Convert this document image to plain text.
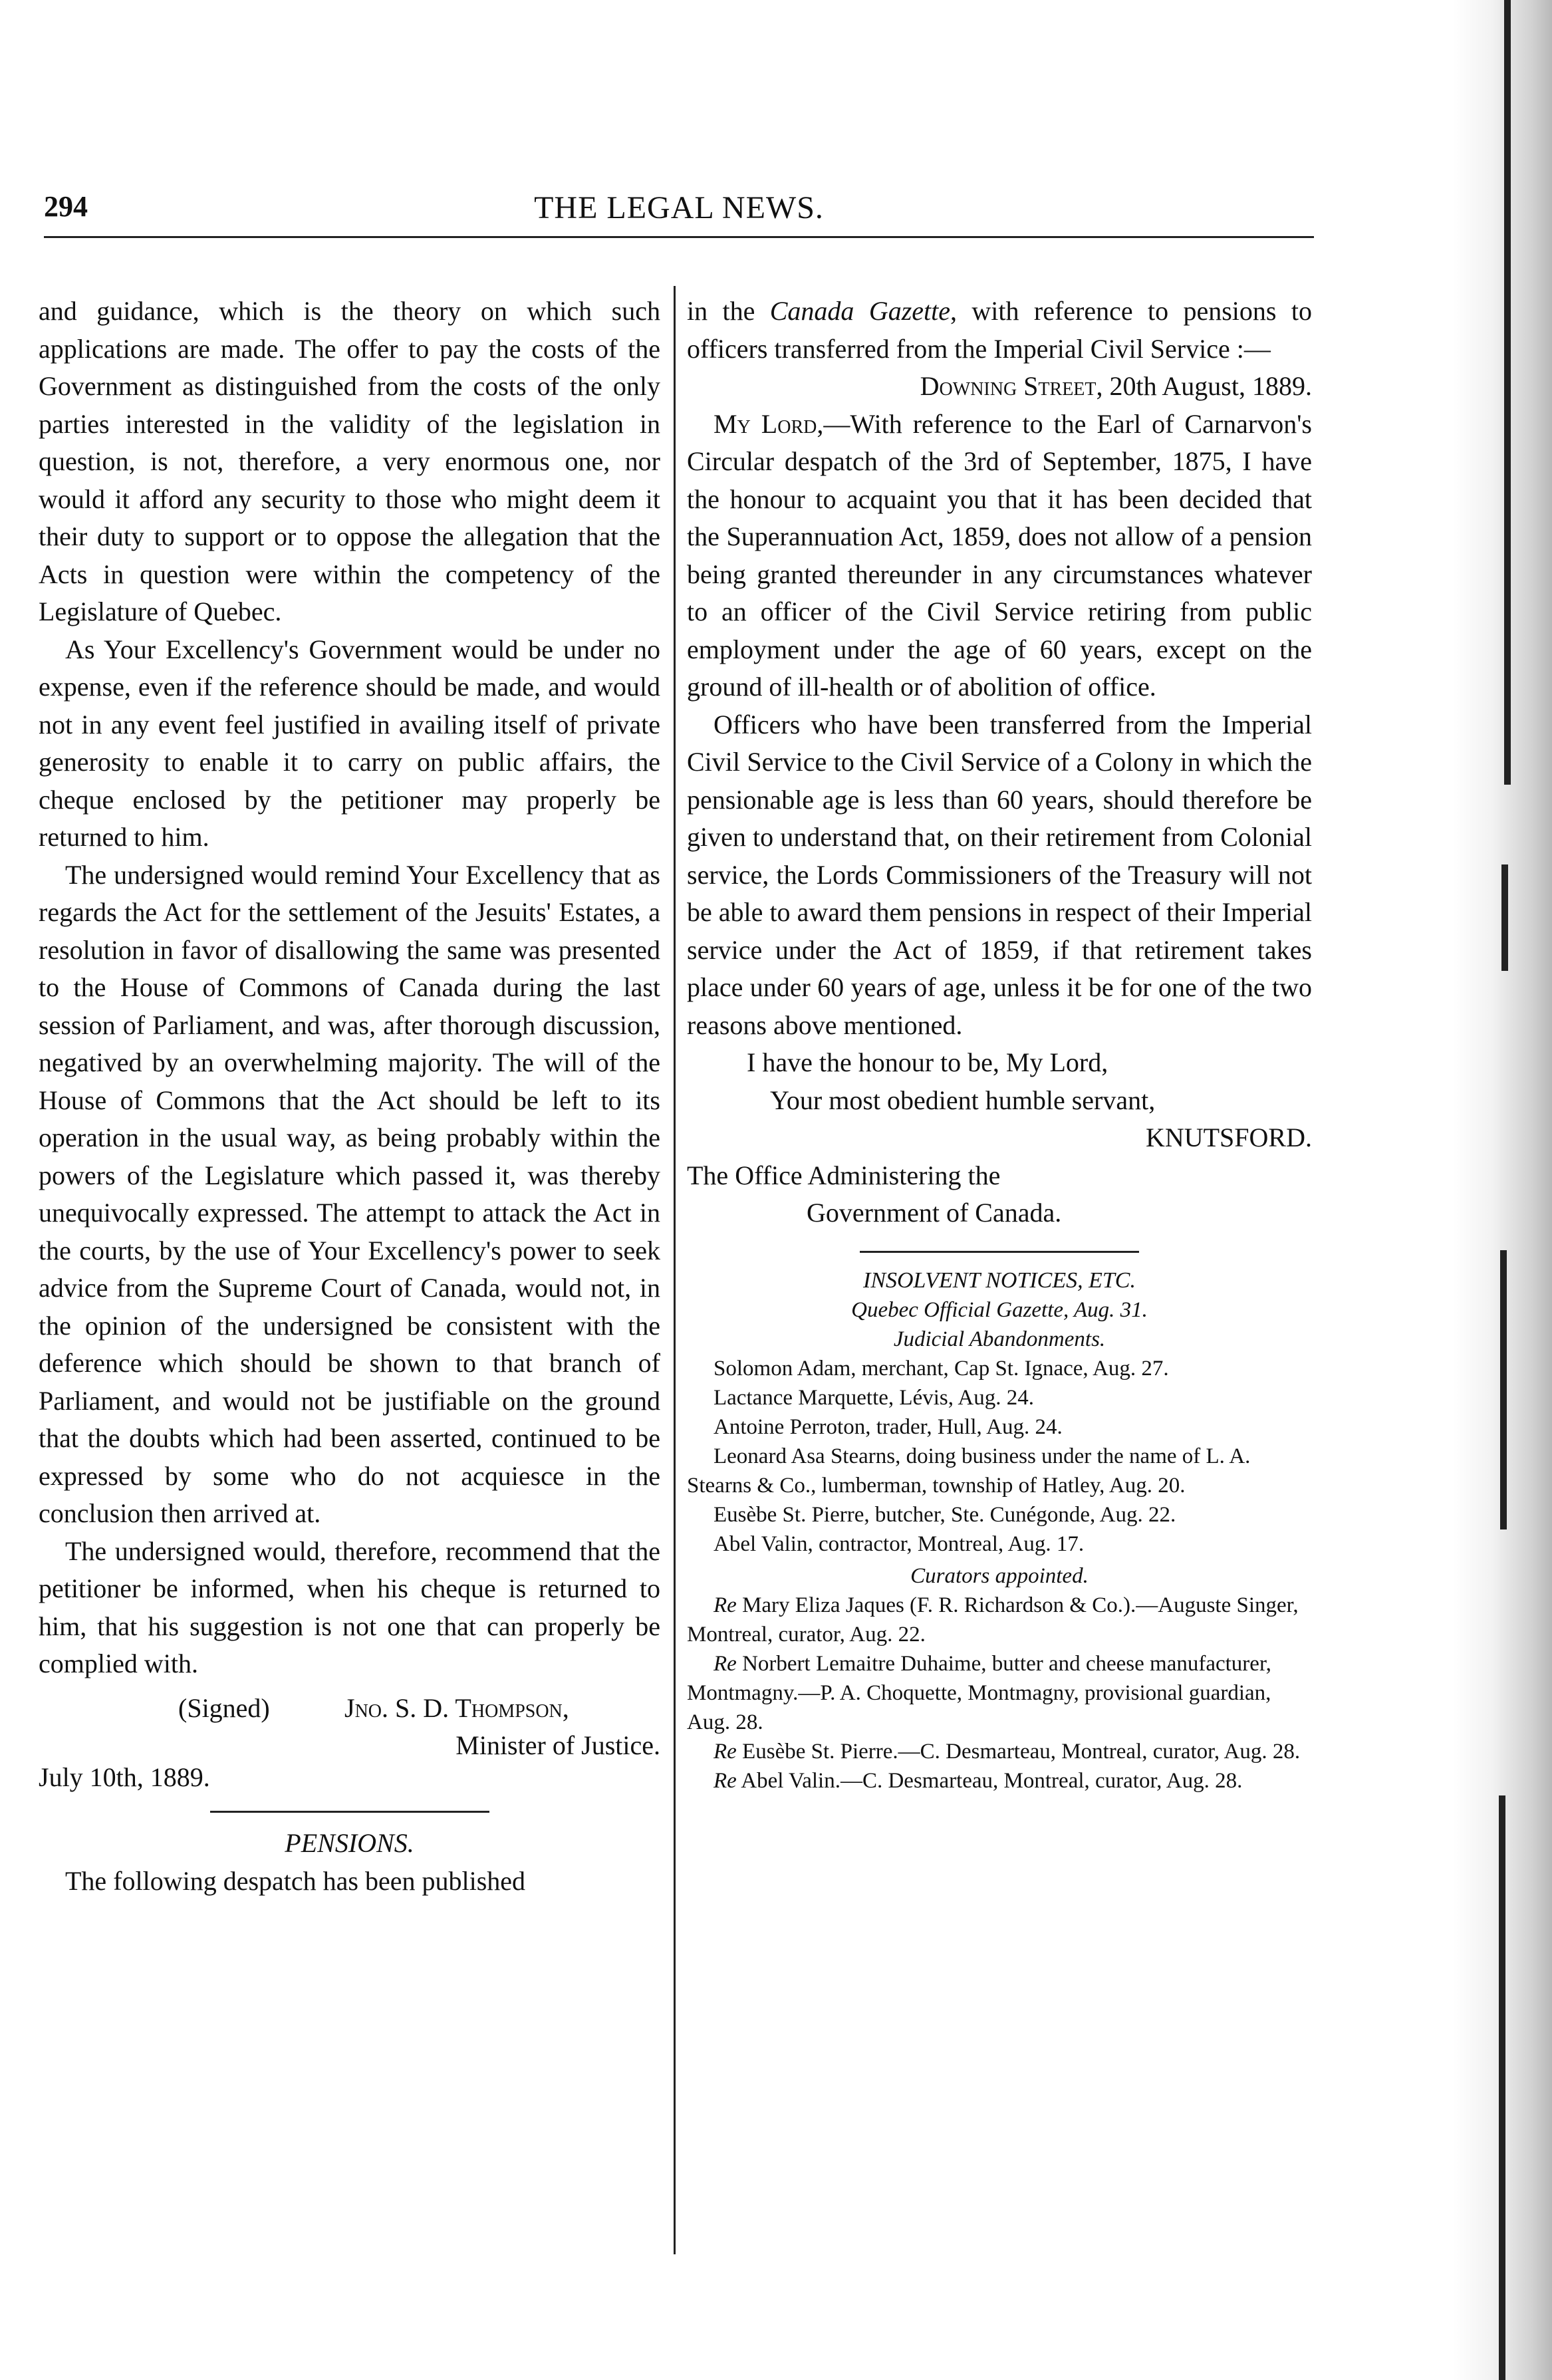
294	THE LEGAL NEWS.

and guidance, which is the theory on which such applications are made. The offer to pay the costs of the Government as distinguished from the costs of the only parties interested in the validity of the legislation in question, is not, therefore, a very enormous one, nor would it afford any security to those who might deem it their duty to support or to oppose the allegation that the Acts in question were within the competency of the Legislature of Quebec.

As Your Excellency's Government would be under no expense, even if the reference should be made, and would not in any event feel justified in availing itself of private generosity to enable it to carry on public affairs, the cheque enclosed by the petitioner may properly be returned to him.

The undersigned would remind Your Excellency that as regards the Act for the settlement of the Jesuits' Estates, a resolution in favor of disallowing the same was presented to the House of Commons of Canada during the last session of Parliament, and was, after thorough discussion, negatived by an overwhelming majority. The will of the House of Commons that the Act should be left to its operation in the usual way, as being probably within the powers of the Legislature which passed it, was thereby unequivocally expressed. The attempt to attack the Act in the courts, by the use of Your Excellency's power to seek advice from the Supreme Court of Canada, would not, in the opinion of the undersigned be consistent with the deference which should be shown to that branch of Parliament, and would not be justifiable on the ground that the doubts which had been asserted, continued to be expressed by some who do not acquiesce in the conclusion then arrived at.

The undersigned would, therefore, recommend that the petitioner be informed, when his cheque is returned to him, that his suggestion is not one that can properly be complied with.

(Signed)	Jno. S. D. Thompson,
Minister of Justice.
July 10th, 1889.
PENSIONS.

The following despatch has been published

in the Canada Gazette, with reference to pensions to officers transferred from the Imperial Civil Service :—

Downing Street, 20th August, 1889.

My Lord,—With reference to the Earl of Carnarvon's Circular despatch of the 3rd of September, 1875, I have the honour to acquaint you that it has been decided that the Superannuation Act, 1859, does not allow of a pension being granted thereunder in any circumstances whatever to an officer of the Civil Service retiring from public employment under the age of 60 years, except on the ground of ill-health or of abolition of office.

Officers who have been transferred from the Imperial Civil Service to the Civil Service of a Colony in which the pensionable age is less than 60 years, should therefore be given to understand that, on their retirement from Colonial service, the Lords Commissioners of the Treasury will not be able to award them pensions in respect of their Imperial service under the Act of 1859, if that retirement takes place under 60 years of age, unless it be for one of the two reasons above mentioned.

I have the honour to be, My Lord,
Your most obedient humble servant,
KNUTSFORD.
The Office Administering the
Government of Canada.
INSOLVENT NOTICES, ETC.
Quebec Official Gazette, Aug. 31.
Judicial Abandonments.

Solomon Adam, merchant, Cap St. Ignace, Aug. 27.

Lactance Marquette, Lévis, Aug. 24.

Antoine Perroton, trader, Hull, Aug. 24.

Leonard Asa Stearns, doing business under the name of L. A. Stearns & Co., lumberman, township of Hatley, Aug. 20.

Eusèbe St. Pierre, butcher, Ste. Cunégonde, Aug. 22.

Abel Valin, contractor, Montreal, Aug. 17.

Curators appointed.

Re Mary Eliza Jaques (F. R. Richardson & Co.).—Auguste Singer, Montreal, curator, Aug. 22.

Re Norbert Lemaitre Duhaime, butter and cheese manufacturer, Montmagny.—P. A. Choquette, Montmagny, provisional guardian, Aug. 28.

Re Eusèbe St. Pierre.—C. Desmarteau, Montreal, curator, Aug. 28.

Re Abel Valin.—C. Desmarteau, Montreal, curator, Aug. 28.
